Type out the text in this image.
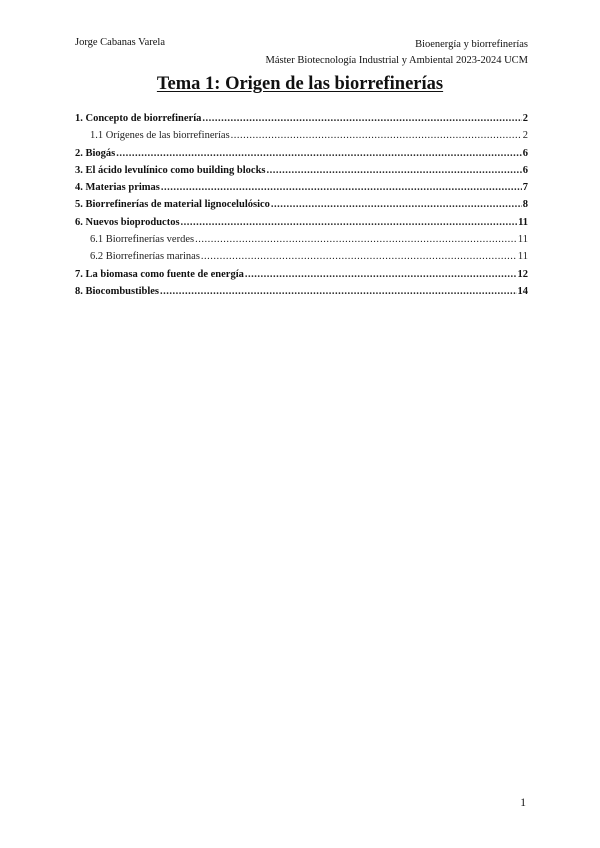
Jorge Cabanas Varela	Bioenergía y biorrefinerías
Máster Biotecnología Industrial y Ambiental 2023-2024 UCM
Tema 1: Origen de las biorrefinerías
1. Concepto de biorrefinería .....	2
1.1 Orígenes de las biorrefinerías .....	2
2. Biogás .....	6
3. El ácido levulínico como building blocks .....	6
4. Materias primas .....	7
5. Biorrefinerías de material lignocelulósico .....	8
6. Nuevos bioproductos .....	11
6.1 Biorrefinerías verdes .....	11
6.2 Biorrefinerías marinas .....	11
7. La biomasa como fuente de energía .....	12
8. Biocombustibles .....	14
1
